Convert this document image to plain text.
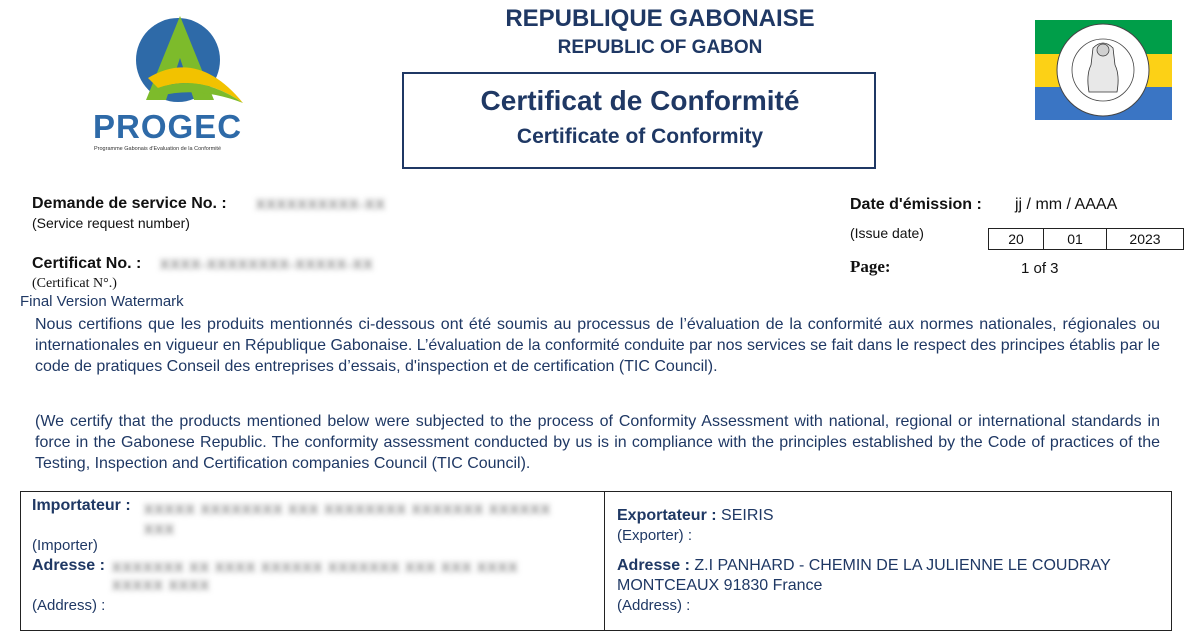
PROGEC
Programme Gabonais d'Evaluation de la Conformité
REPUBLIQUE GABONAISE
REPUBLIC OF GABON
Certificat de Conformité
Certificate of Conformity
Demande de service No. : XXXXXXXXXX-XX
(Service request number)
Certificat No. : XXXX-XXXXXXXX-XXXXX-XX
(Certificat N°.)
Date d'émission : jj / mm / AAAA
(Issue date)	20	01	2023
Page:	1 of 3
Final Version Watermark
Nous certifions que les produits mentionnés ci-dessous ont été soumis au processus de l’évaluation de la conformité aux normes nationales, régionales ou internationales en vigueur en République Gabonaise. L’évaluation de la conformité conduite par nos services se fait dans le respect des principes établis par le code de pratiques Conseil des entreprises d’essais, d'inspection et de certification (TIC Council).
(We certify that the products mentioned below were subjected to the process of Conformity Assessment with national, regional or international standards in force in the Gabonese Republic. The conformity assessment conducted by us is in compliance with the principles established by the Code of practices of the Testing, Inspection and Certification companies Council (TIC Council).
Importateur : XXXXX XXXXXXXX XXX XXXXXXXX XXXXXXX XXXXXX XXX
(Importer)
Adresse : XXXXXXX XX XXXX XXXXXX XXXXXXX XXX XXX XXXX XXXXX XXXX
(Address) :
Exportateur : SEIRIS
(Exporter) :
Adresse : Z.I PANHARD - CHEMIN DE LA JULIENNE LE COUDRAY MONTCEAUX 91830 France
(Address) :
